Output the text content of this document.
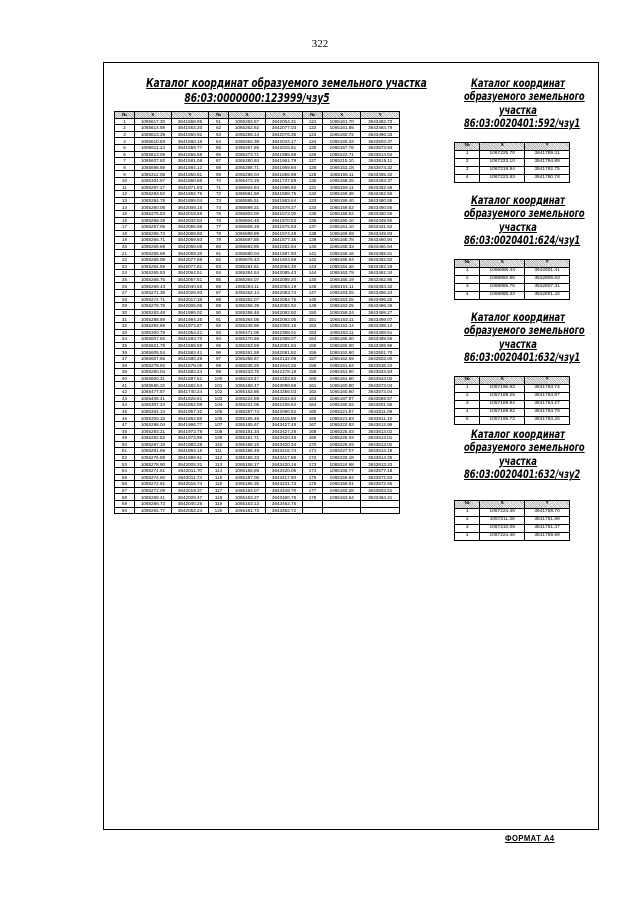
322
Каталог координат образуемого земельного участка
86:03:0000000:123999/чзу5
№	X	Y	№	X	Y	№	X	Y
1	1065617.30	3641558.95	61	1065263.57	3642064.31	121	1065161.70	3643482.73
2	1065614.59	3641563.20	62	1065262.62	3642077.03	122	1065161.65	3643484.79
3	1065613.39	3641560.92	63	1065259.14	3642076.35	123	1065160.72	3643496.33
4	1065610.83	3641560.18	64	1065262.38	3642043.17	124	1065160.33	3643503.37
5	1065611.14	3641559.77	65	1065267.65	3642015.81	125	1065157.76	3643573.94
6	1065613.09	3641556.68	66	1065273.71	3641988.69	126	1065222.71	3643614.52
7	1065607.62	3641581.08	67	1065280.84	3641961.79	127	1065215.10	3643615.11
8	1065598.69	3641584.12	68	1065288.71	3641959.84	128	1065153.18	3643574.32
9	1065312.08	3641850.81	69	1065298.04	3641856.99	129	1065158.11	3643485.42
10	1065304.57	3641860.88	70	1065473.29	3641737.59	130	1065158.25	3643453.37
11	1065297.27	3641871.83	71	1065604.84	3641596.80	131	1065159.11	3643482.56
12	1065293.82	3641882.76	72	1065591.56	3641598.75	132	1065159.38	3643462.55
13	1065284.78	3641895.04	73	1065595.51	3641583.64	133	1065159.40	3643460.55
14	1065280.08	3642008.15	74	1065599.31	3641578.37	134	1065159.52	3643460.55
15	1065275.53	3642018.65	75	1065603.00	3641573.00	135	1065159.52	3643460.55
16	1065269.28	3642042.84	76	1065604.48	3641570.63	136	1065160.10	3643449.50
17	1065267.05	3642055.98	77	1065606.19	3641575.83	137	1065161.10	3643431.52
18	1065265.72	3642068.80	78	1065598.89	3641574.29	138	1065169.59	3643449.83
19	1065266.71	3642069.93	79	1065597.85	3641577.35	139	1065165.78	3643460.94
20	1065268.69	3642069.05	80	1065593.85	3641582.64	140	1065165.33	3643460.94
21	1065265.69	3642069.20	81	1065590.04	3641587.60	141	1065166.16	3643469.81
22	1065268.09	3642077.69	82	1065576.43	3641604.59	142	1065165.64	3643482.82
23	1065264.59	3642077.81	83	1065284.61	3642064.30	143	1065164.26	3643482.26
24	1065265.53	3642064.51	84	1065264.54	3642085.43	144	1065163.79	3643462.34
25	1065268.75	3642057.51	85	1065264.07	3642085.20	145	1065165.19	3643462.88
26	1065269.43	3642040.65	86	1065264.11	3642084.19	146	1065164.11	3643484.32
27	1065271.35	3642028.93	87	1065262.14	3642083.74	147	1065163.25	3643496.24
28	1065274.71	3642017.38	88	1065262.07	3642084.75	148	1065163.25	3643496.25
29	1065278.75	3642006.06	89	1065258.39	3642082.92	149	1065163.25	3643496.26
30	1065283.48	3641995.02	90	1065258.48	3642082.92	150	1065159.24	3643498.27
31	1065288.69	3641984.25	91	1065264.05	3642092.05	151	1065163.11	3643498.07
32	1065294.89	3641973.87	92	1065248.96	3642302.15	152	1065163.14	3643498.12
33	1065300.79	3641954.21	93	1065171.05	3642398.01	153	1065163.11	3643498.51
34	1065507.82	3641593.70	94	1065170.56	3642398.07	154	1065165.00	3643499.66
35	1065601.78	3641588.59	95	1065263.59	3642081.84	155	1065165.00	3643499.96
36	1065605.54	3641583.41	96	1065261.58	3642081.52	156	1065162.90	3643501.70
37	1065607.65	3641580.29	97	1065258.67	3642132.09	157	1065162.69	3643502.00
38	1065278.92	3641578.05	98	1065236.25	3642444.26	158	1065161.64	3643536.22
39	1065280.04	3641582.24	99	1065233.75	3642478.19	159	1065161.90	3643543.93
40	1065600.31	3641587.51	100	1065233.47	3642483.50	160	1065161.90	3643544.02
41	1065595.32	3641582.54	101	1065168.47	3643098.58	161	1065160.90	3643573.04
42	1065477.57	3641740.24	102	1065163.86	3643356.03	162	1065160.60	3643573.04
43	1065408.41	3641828.81	103	1065224.89	3642534.60	163	1065187.97	3643569.57
44	1065307.24	3641852.99	104	1065221.05	3642108.84	164	1065190.63	3643601.55
45	1065304.14	3641957.32	105	1065257.74	3642090.62	165	1065221.87	3643611.09
46	1065300.15	3641862.86	106	1065165.48	3643415.99	166	1065221.83	3643611.10
47	1065298.04	3641966.77	107	1065165.67	3643427.48	167	1065222.93	3643612.98
48	1065293.21	3641973.78	108	1065161.34	3643427.28	168	1065225.03	3643613.02
49	1065282.52	3641973.95	109	1065161.71	3643420.48	169	1065226.04	3643613.01
50	1065287.15	3641983.28	110	1065168.18	3643420.34	170	1065226.03	3643613.02
51	1065281.69	3641994.15	111	1065166.49	3643415.74	171	1065227.07	3643614.18
52	1065276.58	3641999.61	112	1065158.33	3643417.88	172	1065226.18	3643614.25
53	1065278.90	3642005.31	113	1065158.17	3643420.16	173	1065224.98	3643613.33
54	1065274.61	3642011.70	114	1065158.89	3643420.05	174	1065166.77	3643577.18
55	1065274.60	3642011.74	115	1065157.06	3643417.60	175	1065159.83	3643572.84
56	1065272.81	3642016.74	116	1065165.35	3643431.73	176	1065159.81	3643572.65
57	1065272.09	3642019.37	117	1065164.07	3643449.70	177	1065162.28	3643603.51
58	1065269.41	3642028.47	118	1065163.37	3643460.78	178	1065163.64	3643464.41
59	1065266.73	3642040.25	119	1065163.13	3643462.75			
60	1065264.77	3642052.24	120	1065161.73	3643482.72			
Каталог координат
образуемого земельного
участка
86:03:0020401:592/чзу1
№	X	Y
1	1067225.70	3641789.31
2	1067223.10	3641794.89
3	1067219.94	3641792.75
4	1067223.83	3641790.78
Каталог координат
образуемого земельного
участка
86:03:0020401:624/чзу1
№	X	Y
1	1066888.44	3642801.41
2	1066892.96	3642805.63
3	1066885.75	3642807.31
4	1066888.33	3642801.42
Каталог координат
образуемого земельного
участка
86:03:0020401:632/чзу1
№	X	Y
1	1067196.83	3641763.74
2	1067189.25	3641763.87
3	1067189.84	3641764.27
4	1067189.82	3641763.79
5	1067196.73	3641763.25
Каталог координат
образуемого земельного
участка
86:03:0020401:632/чзу2
№	X	Y
1	1067224.49	3641758.70
2	1067211.39	3641761.98
3	1067210.09	3641761.47
4	1067224.48	3641759.89
ФОРМАТ А4
